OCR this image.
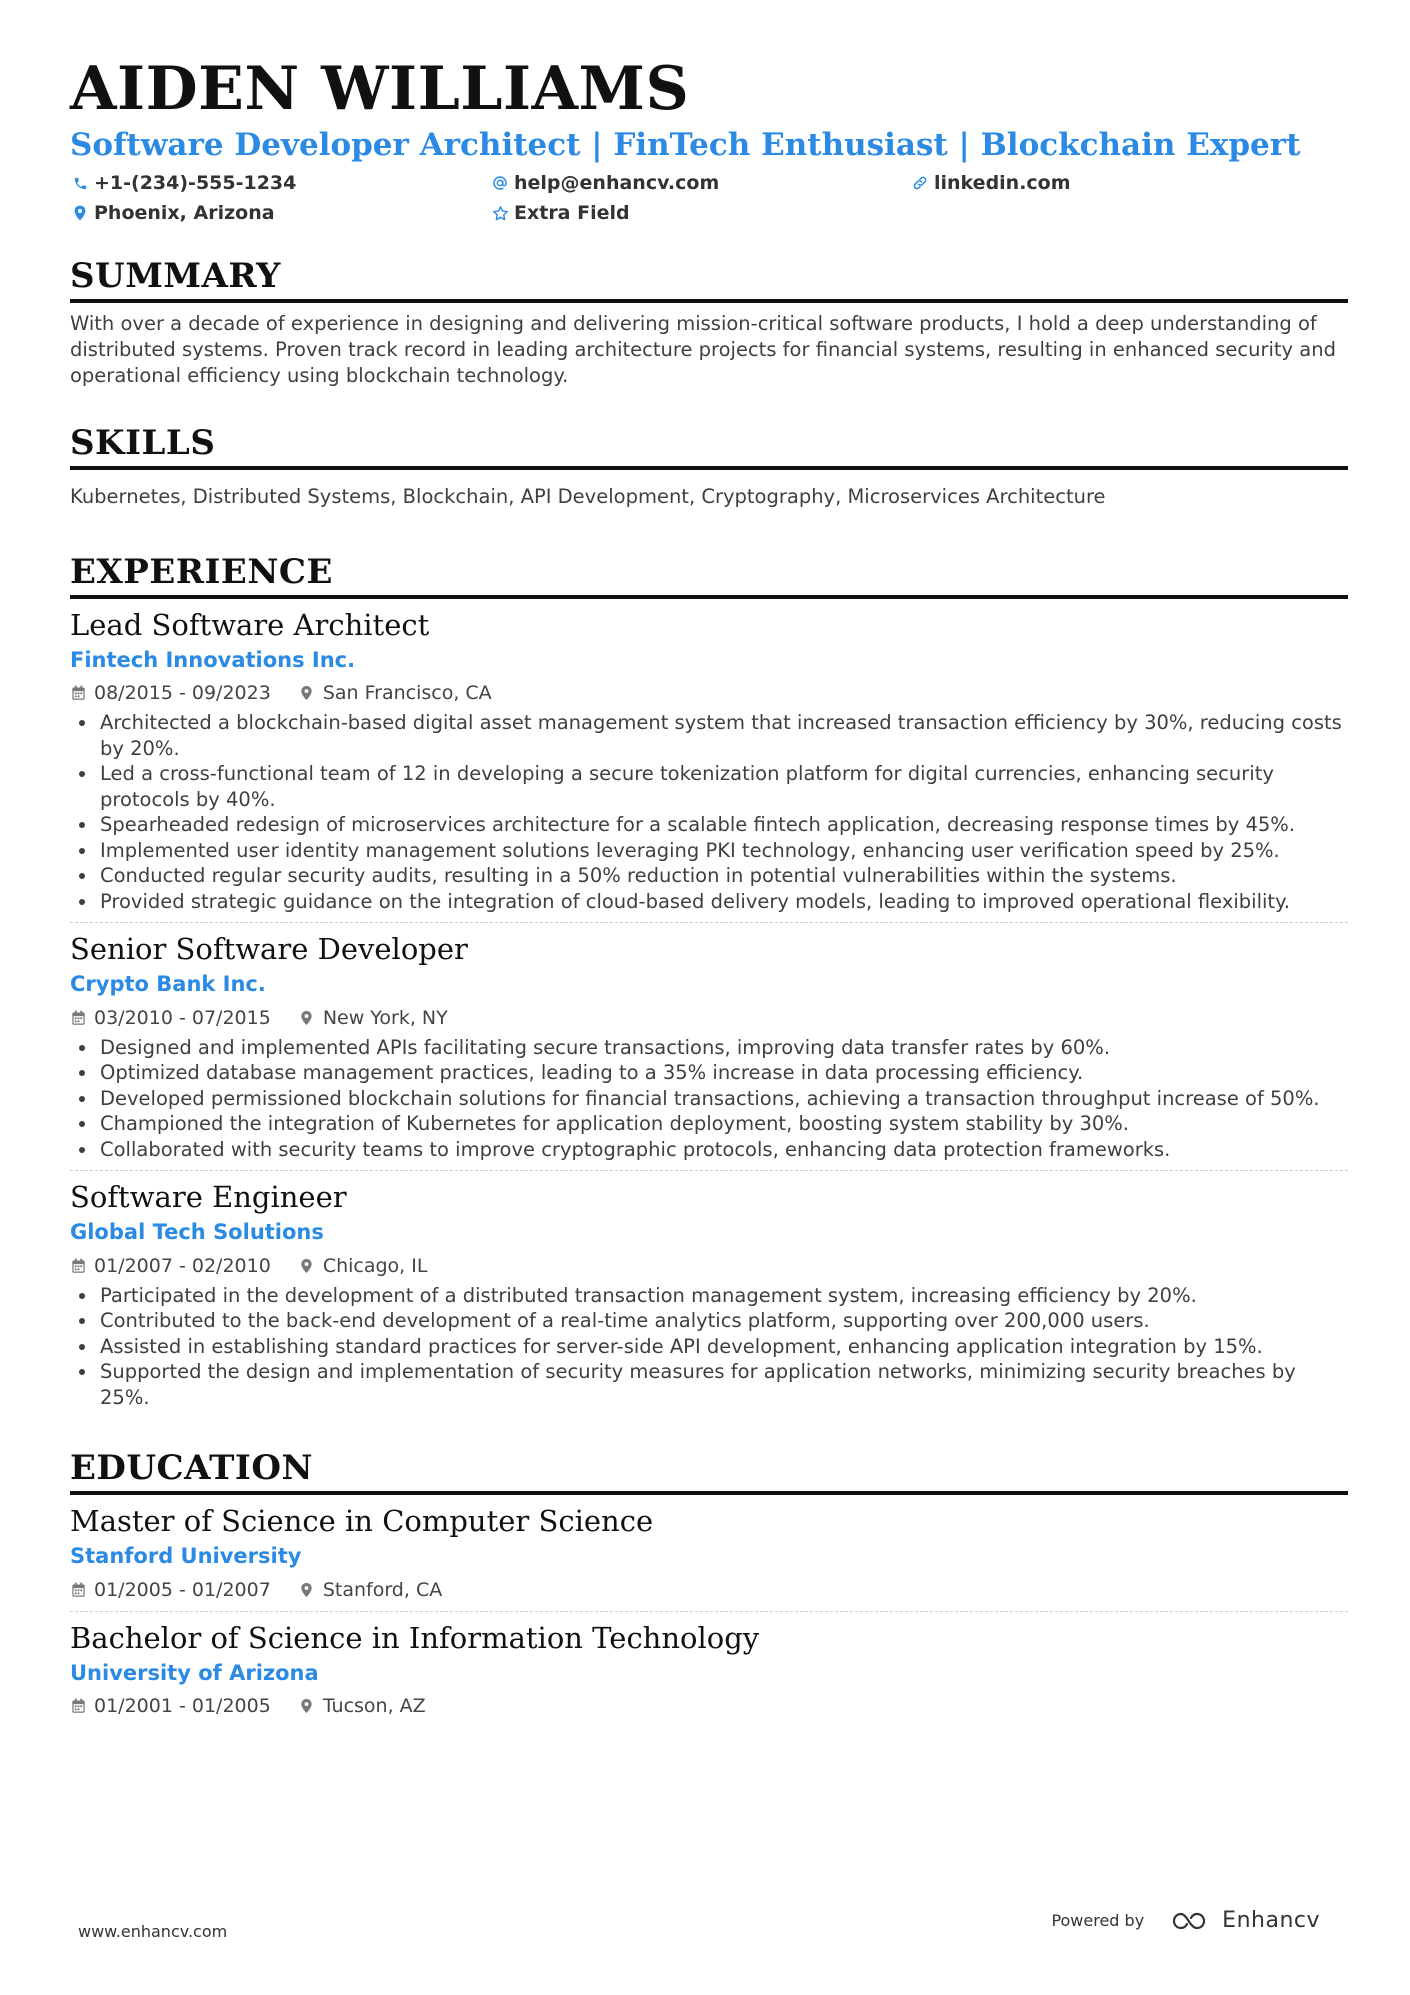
AIDEN WILLIAMS
Software Developer Architect | FinTech Enthusiast | Blockchain Expert
+1-(234)-555-1234	help@enhancv.com	linkedin.com
Phoenix, Arizona	Extra Field
SUMMARY
With over a decade of experience in designing and delivering mission-critical software products, I hold a deep understanding of distributed systems. Proven track record in leading architecture projects for financial systems, resulting in enhanced security and operational efficiency using blockchain technology.
SKILLS
Kubernetes, Distributed Systems, Blockchain, API Development, Cryptography, Microservices Architecture
EXPERIENCE
Lead Software Architect
Fintech Innovations Inc.
08/2015 - 09/2023	San Francisco, CA
• Architected a blockchain-based digital asset management system that increased transaction efficiency by 30%, reducing costs by 20%.
• Led a cross-functional team of 12 in developing a secure tokenization platform for digital currencies, enhancing security protocols by 40%.
• Spearheaded redesign of microservices architecture for a scalable fintech application, decreasing response times by 45%.
• Implemented user identity management solutions leveraging PKI technology, enhancing user verification speed by 25%.
• Conducted regular security audits, resulting in a 50% reduction in potential vulnerabilities within the systems.
• Provided strategic guidance on the integration of cloud-based delivery models, leading to improved operational flexibility.
Senior Software Developer
Crypto Bank Inc.
03/2010 - 07/2015	New York, NY
• Designed and implemented APIs facilitating secure transactions, improving data transfer rates by 60%.
• Optimized database management practices, leading to a 35% increase in data processing efficiency.
• Developed permissioned blockchain solutions for financial transactions, achieving a transaction throughput increase of 50%.
• Championed the integration of Kubernetes for application deployment, boosting system stability by 30%.
• Collaborated with security teams to improve cryptographic protocols, enhancing data protection frameworks.
Software Engineer
Global Tech Solutions
01/2007 - 02/2010	Chicago, IL
• Participated in the development of a distributed transaction management system, increasing efficiency by 20%.
• Contributed to the back-end development of a real-time analytics platform, supporting over 200,000 users.
• Assisted in establishing standard practices for server-side API development, enhancing application integration by 15%.
• Supported the design and implementation of security measures for application networks, minimizing security breaches by 25%.
EDUCATION
Master of Science in Computer Science
Stanford University
01/2005 - 01/2007	Stanford, CA
Bachelor of Science in Information Technology
University of Arizona
01/2001 - 01/2005	Tucson, AZ
www.enhancv.com
Powered by	Enhancv
